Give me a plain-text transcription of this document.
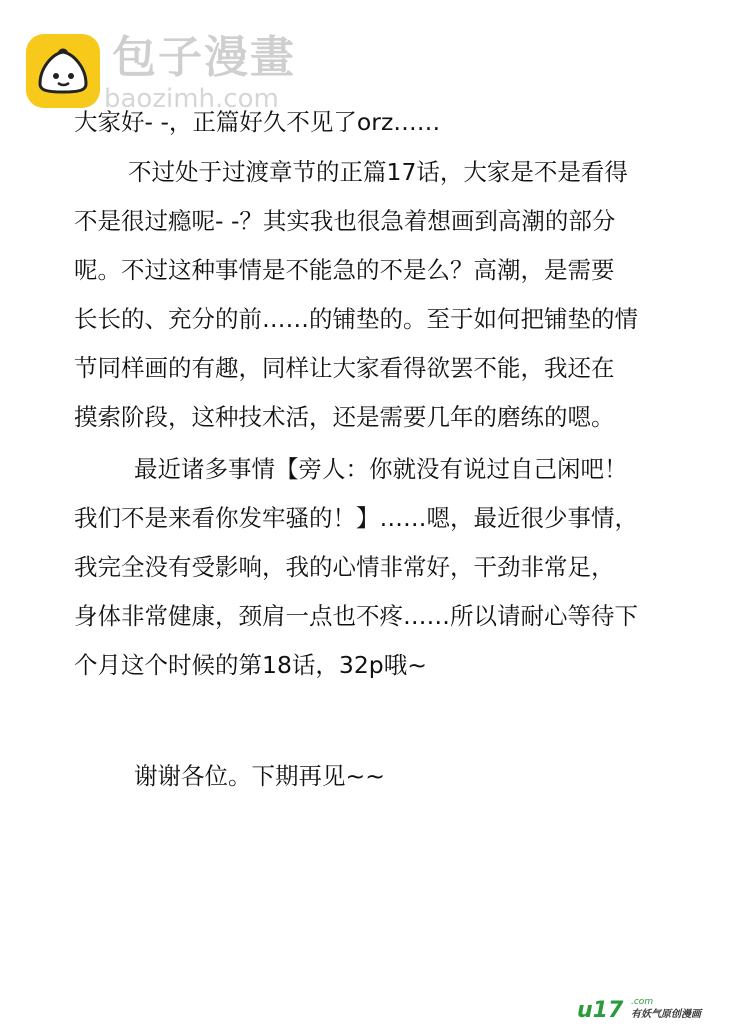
包子漫畫
baozimh.com
大家好- -，正篇好久不见了orz……
不过处于过渡章节的正篇17话，大家是不是看得
不是很过瘾呢- -？其实我也很急着想画到高潮的部分
呢。不过这种事情是不能急的不是么？高潮，是需要
长长的、充分的前……的铺垫的。至于如何把铺垫的情
节同样画的有趣，同样让大家看得欲罢不能，我还在
摸索阶段，这种技术活，还是需要几年的磨练的嗯。
最近诸多事情【旁人：你就没有说过自己闲吧！
我们不是来看你发牢骚的！】……嗯，最近很少事情，
我完全没有受影响，我的心情非常好，干劲非常足，
身体非常健康，颈肩一点也不疼……所以请耐心等待下
个月这个时候的第18话，32p哦~
谢谢各位。下期再见~~
u17 .com
有妖气原创漫画
